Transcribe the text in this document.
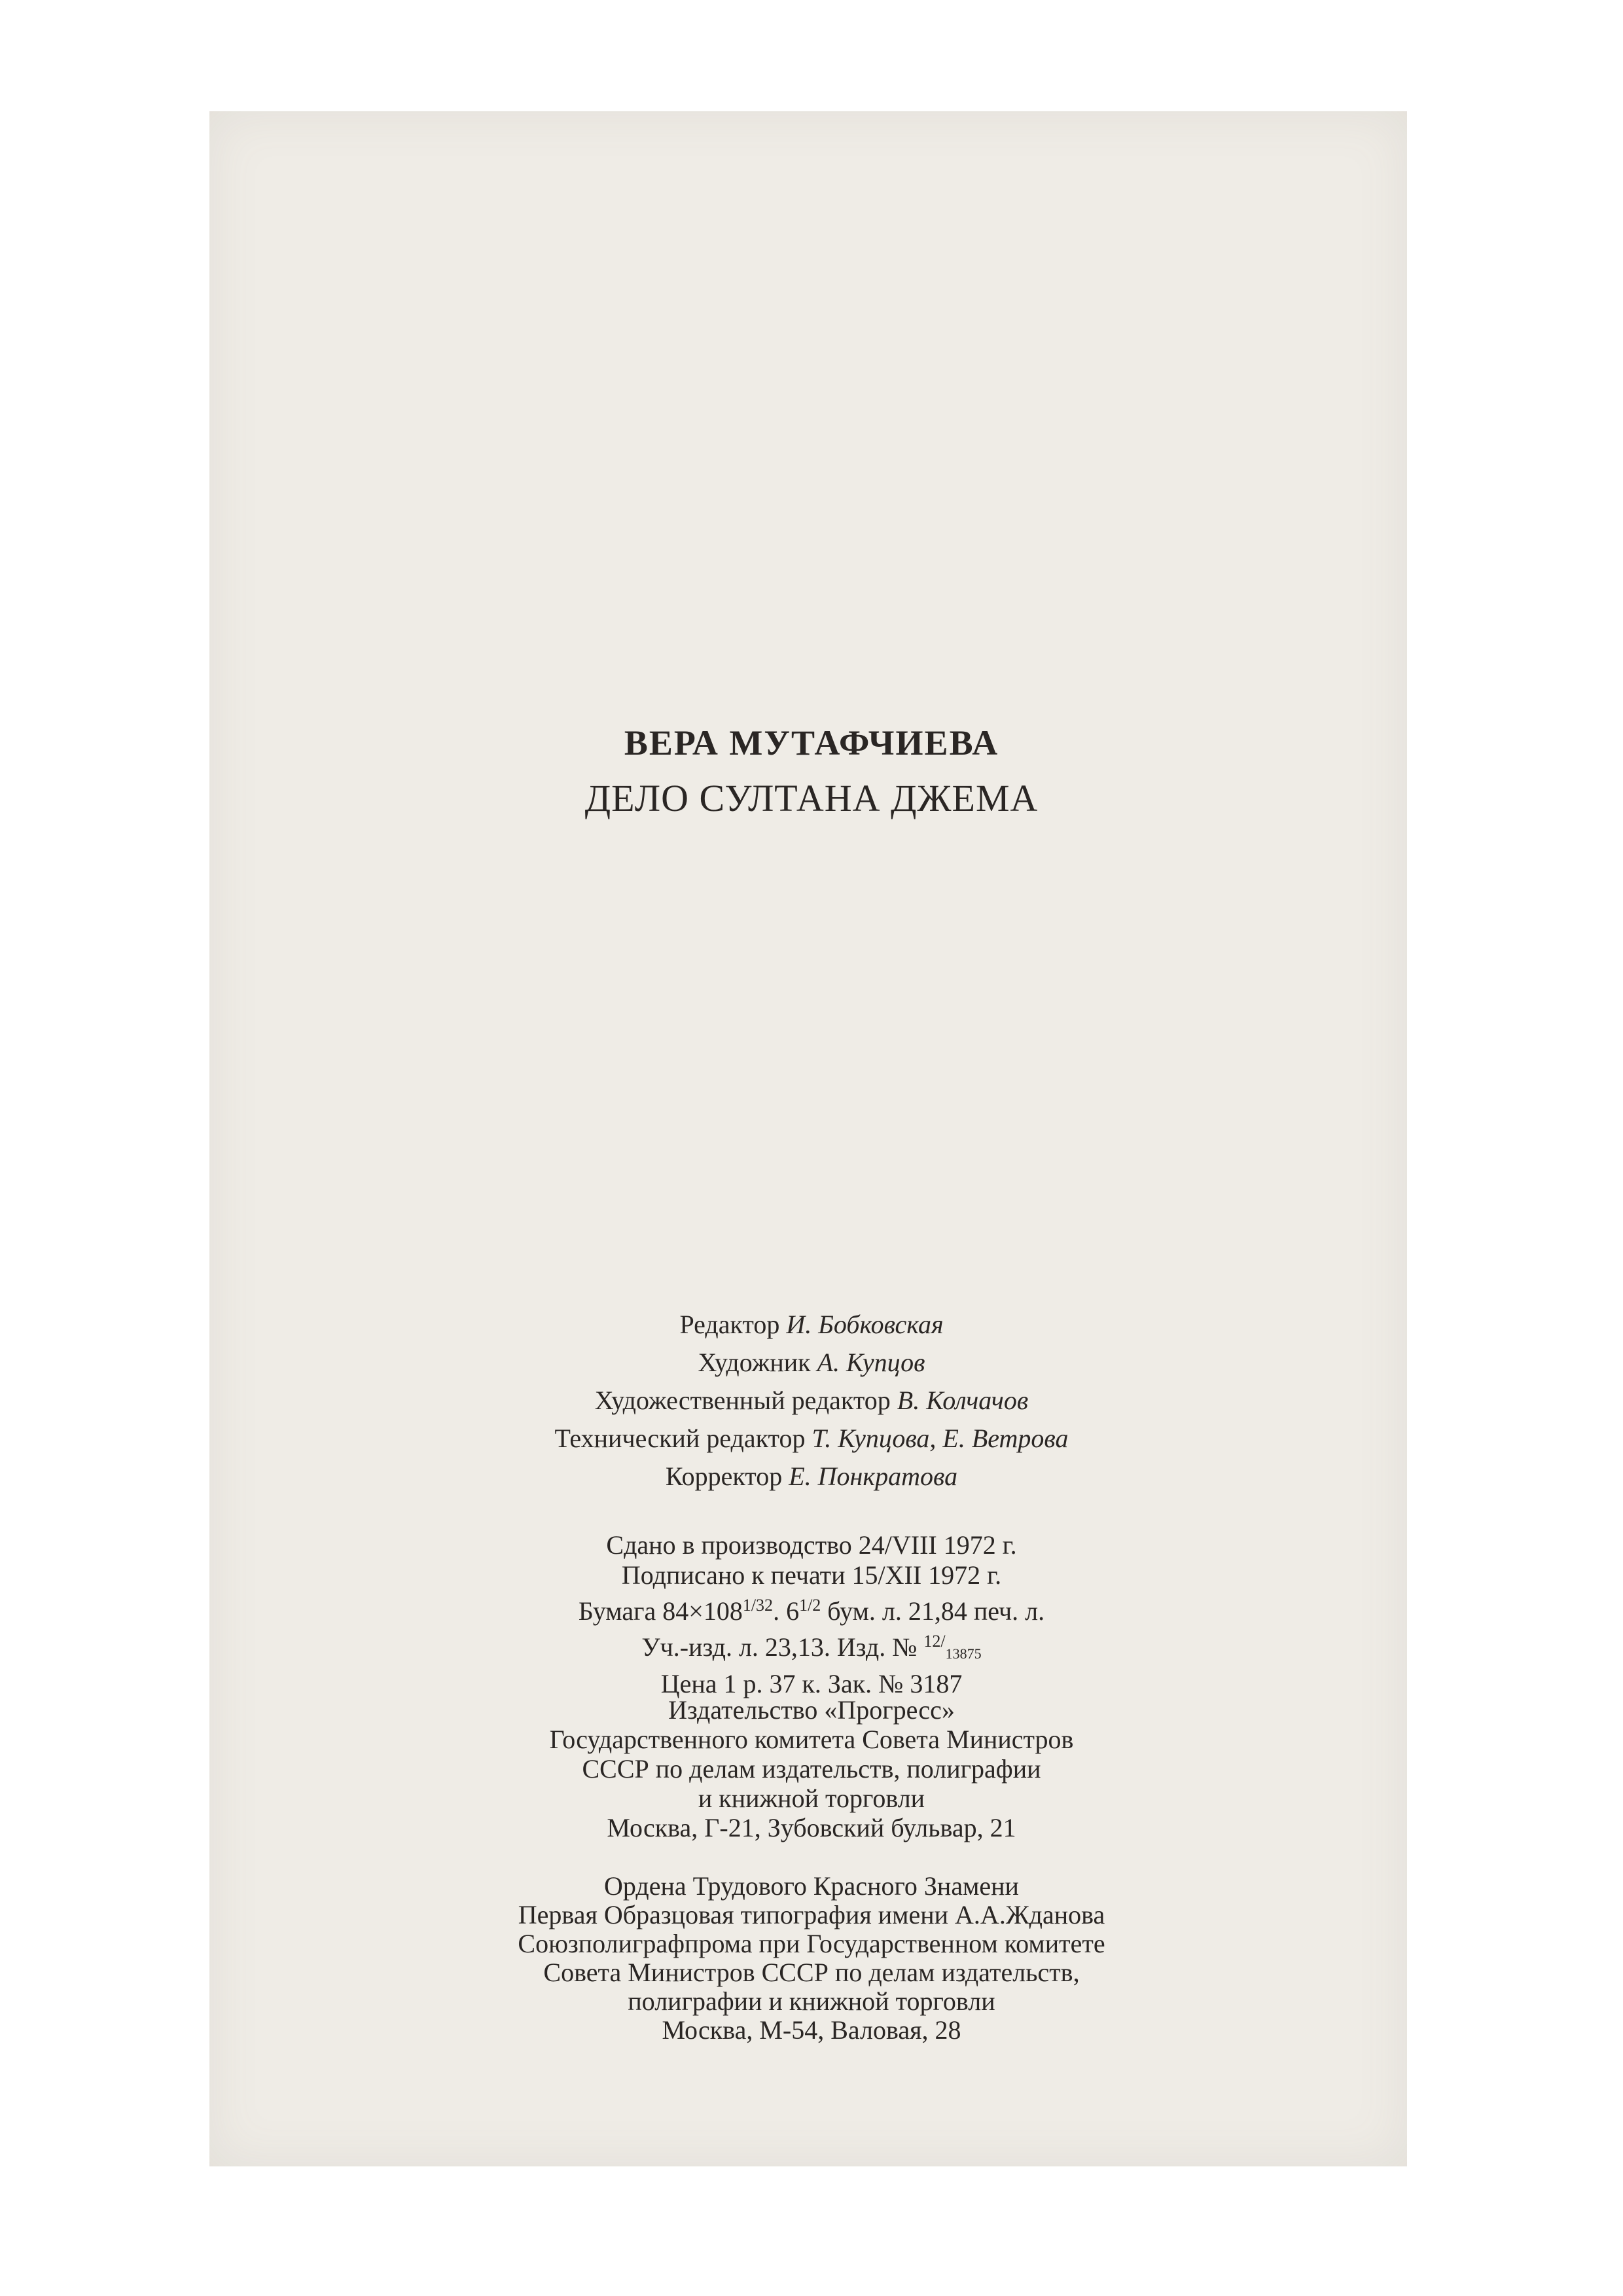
ВЕРА МУТАФЧИЕВА
ДЕЛО СУЛТАНА ДЖЕМА
Редактор И. Бобковская
Художник А. Купцов
Художественный редактор В. Колчачов
Технический редактор Т. Купцова, Е. Ветрова
Корректор Е. Понкратова
Сдано в производство 24/VIII 1972 г.
Подписано к печати 15/XII 1972 г.
Бумага $84\times 108^{1/32}$. $6^{1/2}$ бум. л. 21,84 печ. л.
Уч.-изд. л. 23,13. Изд. № $^{12/}$13875
Цена 1 р. 37 к. Зак. № 3187
Издательство «Прогресс»
Государственного комитета Совета Министров
СССР по делам издательств, полиграфии
и книжной торговли
Москва, Г-21, Зубовский бульвар, 21
Ордена Трудового Красного Знамени
Первая Образцовая типография имени А.А.Жданова
Союзполиграфпрома при Государственном комитете
Совета Министров СССР по делам издательств,
полиграфии и книжной торговли
Москва, М-54, Валовая, 28
